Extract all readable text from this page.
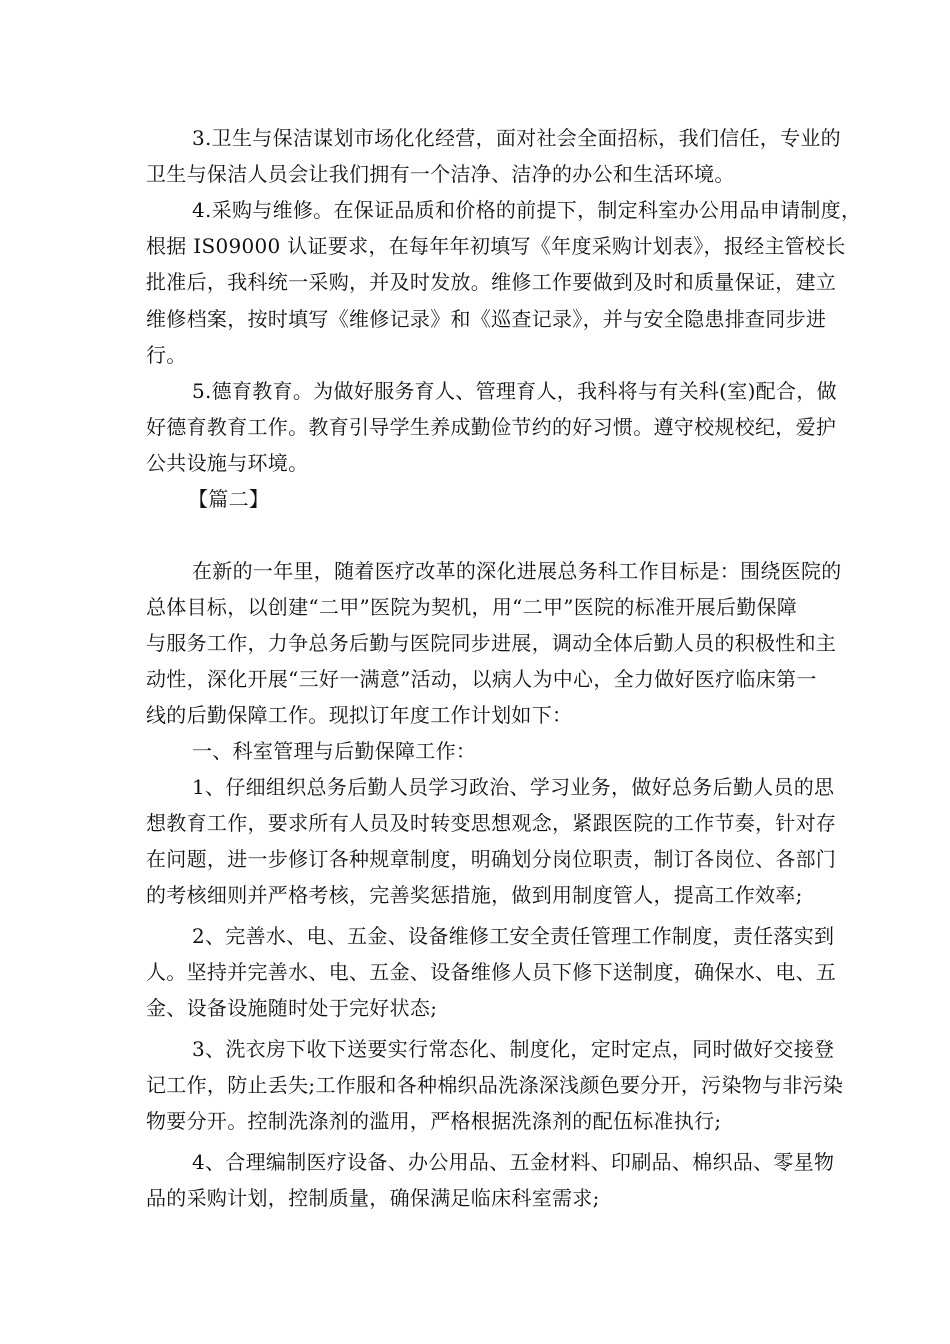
3.卫生与保洁谋划市场化化经营，面对社会全面招标，我们信任，专业的
卫生与保洁人员会让我们拥有一个洁净、洁净的办公和生活环境。
4.采购与维修。在保证品质和价格的前提下，制定科室办公用品申请制度，
根据 IS09000 认证要求，在每年年初填写《年度采购计划表》，报经主管校长
批准后，我科统一采购，并及时发放。维修工作要做到及时和质量保证，建立
维修档案，按时填写《维修记录》和《巡查记录》，并与安全隐患排查同步进
行。
5.德育教育。为做好服务育人、管理育人，我科将与有关科(室)配合，做
好德育教育工作。教育引导学生养成勤俭节约的好习惯。遵守校规校纪，爱护
公共设施与环境。
【篇二】
在新的一年里，随着医疗改革的深化进展总务科工作目标是：围绕医院的
总体目标，以创建“二甲”医院为契机，用“二甲”医院的标准开展后勤保障
与服务工作，力争总务后勤与医院同步进展，调动全体后勤人员的积极性和主
动性，深化开展“三好一满意”活动，以病人为中心，全力做好医疗临床第一
线的后勤保障工作。现拟订年度工作计划如下：
一、科室管理与后勤保障工作：
1、仔细组织总务后勤人员学习政治、学习业务，做好总务后勤人员的思
想教育工作，要求所有人员及时转变思想观念，紧跟医院的工作节奏，针对存
在问题，进一步修订各种规章制度，明确划分岗位职责，制订各岗位、各部门
的考核细则并严格考核，完善奖惩措施，做到用制度管人，提高工作效率;
2、完善水、电、五金、设备维修工安全责任管理工作制度，责任落实到
人。坚持并完善水、电、五金、设备维修人员下修下送制度，确保水、电、五
金、设备设施随时处于完好状态;
3、洗衣房下收下送要实行常态化、制度化，定时定点，同时做好交接登
记工作，防止丢失;工作服和各种棉织品洗涤深浅颜色要分开，污染物与非污染
物要分开。控制洗涤剂的滥用，严格根据洗涤剂的配伍标准执行;
4、合理编制医疗设备、办公用品、五金材料、印刷品、棉织品、零星物
品的采购计划，控制质量，确保满足临床科室需求;
